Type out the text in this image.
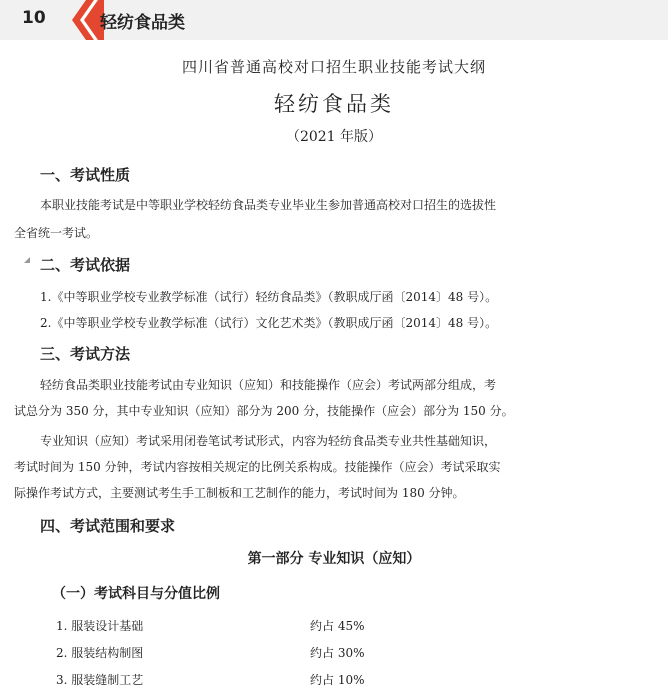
10	轻纺食品类
四川省普通高校对口招生职业技能考试大纲
轻纺食品类
（2021 年版）
一、考试性质
本职业技能考试是中等职业学校轻纺食品类专业毕业生参加普通高校对口招生的选拔性
全省统一考试。
二、考试依据
1.《中等职业学校专业教学标准（试行）轻纺食品类》（教职成厅函〔2014〕48 号）。
2.《中等职业学校专业教学标准（试行）文化艺术类》（教职成厅函〔2014〕48 号）。
三、考试方法
轻纺食品类职业技能考试由专业知识（应知）和技能操作（应会）考试两部分组成，考
试总分为 350 分，其中专业知识（应知）部分为 200 分，技能操作（应会）部分为 150 分。
专业知识（应知）考试采用闭卷笔试考试形式，内容为轻纺食品类专业共性基础知识，
考试时间为 150 分钟，考试内容按相关规定的比例关系构成。技能操作（应会）考试采取实
际操作考试方式，主要测试考生手工制板和工艺制作的能力，考试时间为 180 分钟。
四、考试范围和要求
第一部分 专业知识（应知）
（一）考试科目与分值比例
1. 服装设计基础	约占 45%
2. 服装结构制图	约占 30%
3. 服装缝制工艺	约占 10%
